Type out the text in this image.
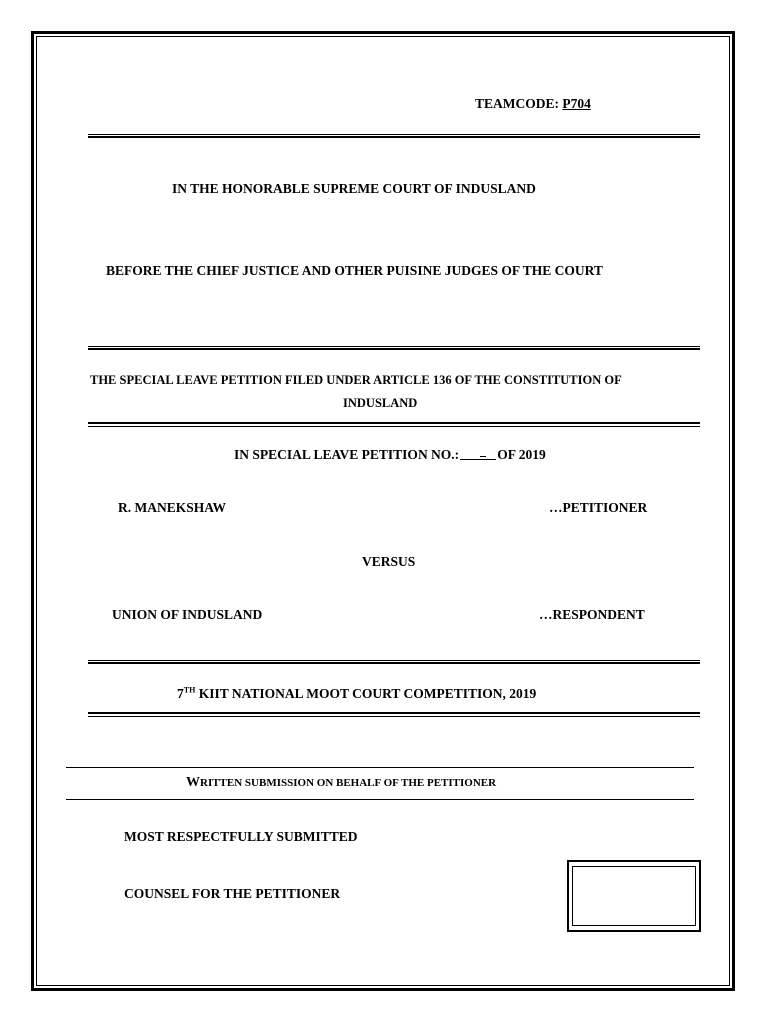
TEAMCODE: P704
IN THE HONORABLE SUPREME COURT OF INDUSLAND
BEFORE THE CHIEF JUSTICE AND OTHER PUISINE JUDGES OF THE COURT
THE SPECIAL LEAVE PETITION FILED UNDER ARTICLE 136 OF THE CONSTITUTION OF
INDUSLAND
IN SPECIAL LEAVE PETITION NO.:	OF 2019
R. MANEKSHAW	…PETITIONER
VERSUS
UNION OF INDUSLAND	…RESPONDENT
7TH KIIT NATIONAL MOOT COURT COMPETITION, 2019
WRITTEN SUBMISSION ON BEHALF OF THE PETITIONER
MOST RESPECTFULLY SUBMITTED
COUNSEL FOR THE PETITIONER
